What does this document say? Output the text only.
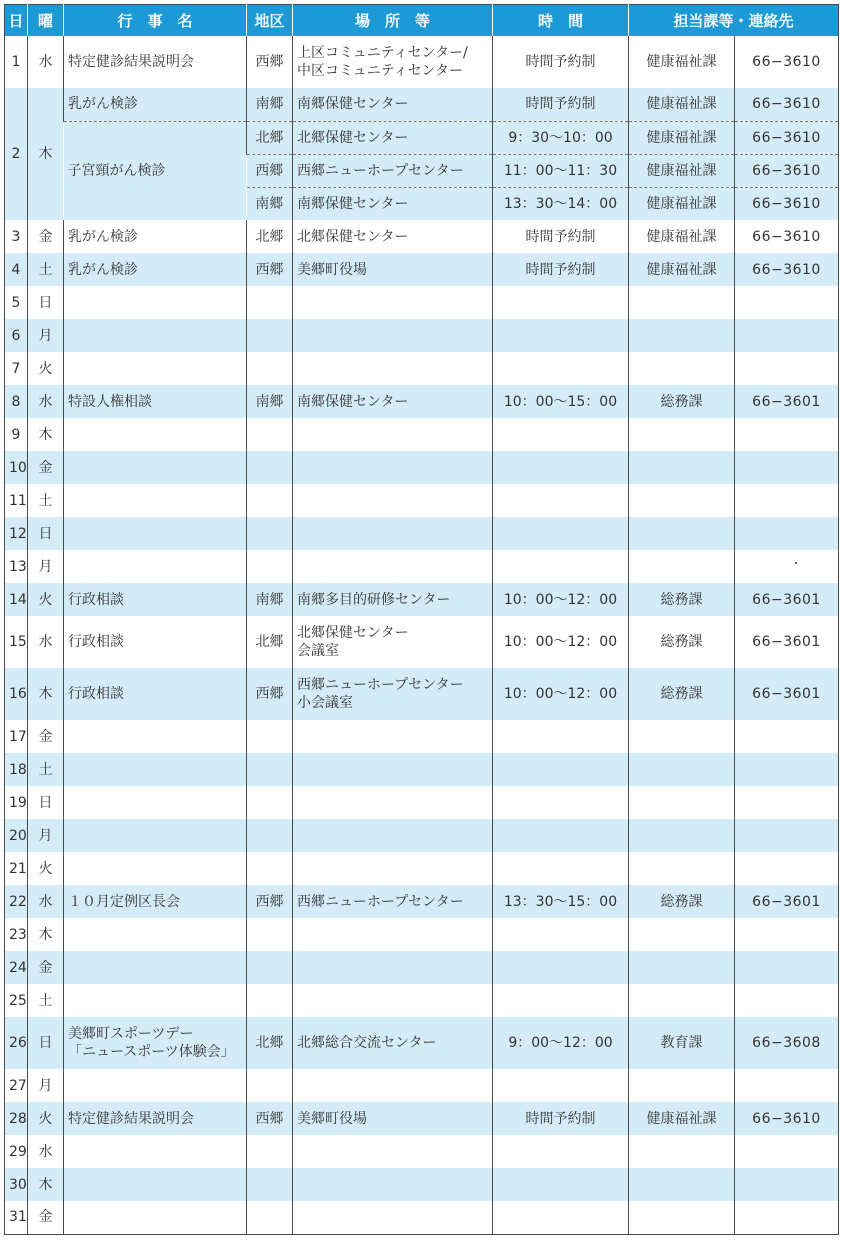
日	曜	行　事　名	地区	場　所　等	時　間	担当課等・連絡先	
1	水	特定健診結果説明会	西郷	上区コミュニティセンター/
中区コミュニティセンター	時間予約制	健康福祉課	66−3610
2	木	乳がん検診	南郷	南郷保健センター	時間予約制	健康福祉課	66−3610
		子宮頸がん検診	北郷	北郷保健センター	9：30〜10：00	健康福祉課	66−3610
			西郷	西郷ニューホープセンター	11：00〜11：30	健康福祉課	66−3610
			南郷	南郷保健センター	13：30〜14：00	健康福祉課	66−3610
3	金	乳がん検診	北郷	北郷保健センター	時間予約制	健康福祉課	66−3610
4	土	乳がん検診	西郷	美郷町役場	時間予約制	健康福祉課	66−3610
5	日						
6	月						
7	火						
8	水	特設人権相談	南郷	南郷保健センター	10：00〜15：00	総務課	66−3601
9	木						
10	金						
11	土						
12	日						
13	月						
14	火	行政相談	南郷	南郷多目的研修センター	10：00〜12：00	総務課	66−3601
15	水	行政相談	北郷	北郷保健センター
会議室	10：00〜12：00	総務課	66−3601
16	木	行政相談	西郷	西郷ニューホープセンター
小会議室	10：00〜12：00	総務課	66−3601
17	金						
18	土						
19	日						
20	月						
21	火						
22	水	１０月定例区長会	西郷	西郷ニューホープセンター	13：30〜15：00	総務課	66−3601
23	木						
24	金						
25	土						
26	日	美郷町スポーツデー
「ニュースポーツ体験会」	北郷	北郷総合交流センター	9：00〜12：00	教育課	66−3608
27	月						
28	火	特定健診結果説明会	西郷	美郷町役場	時間予約制	健康福祉課	66−3610
29	水						
30	木						
31	金						
